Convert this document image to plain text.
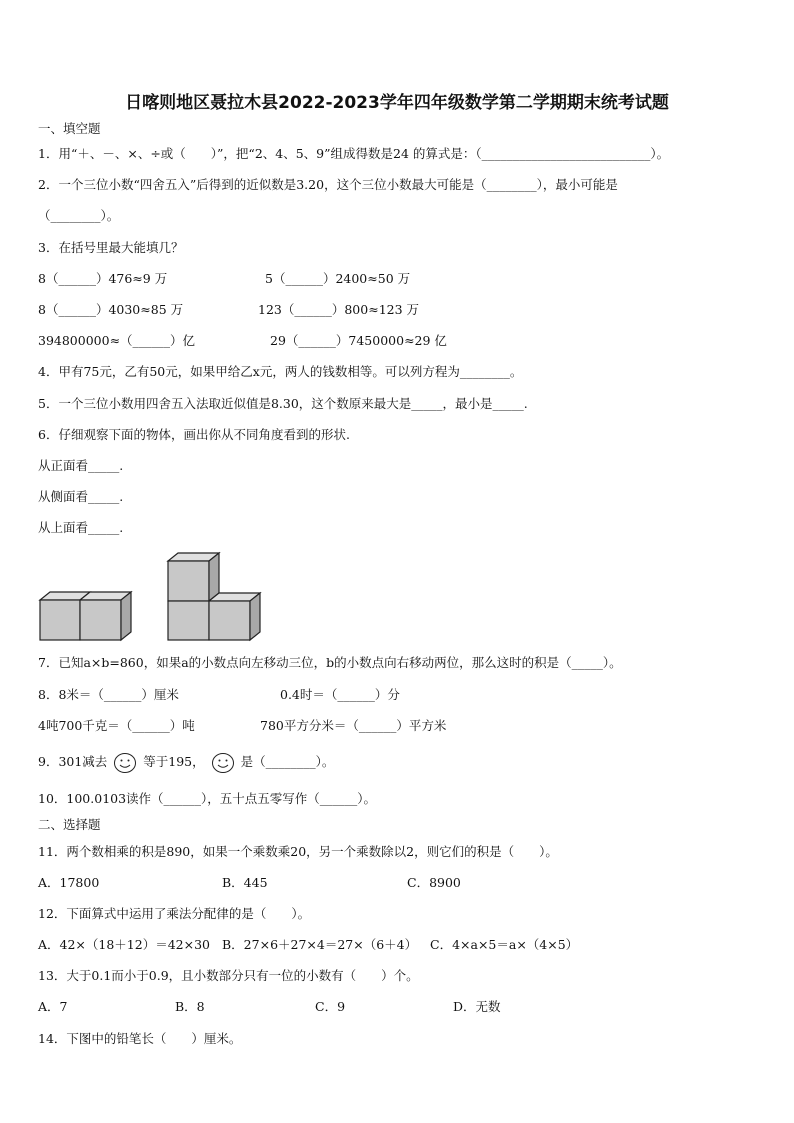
日喀则地区聂拉木县2022-2023学年四年级数学第二学期期末统考试题
一、填空题
1．用“＋、－、×、÷或（　　）”，把“2、4、5、9”组成得数是24 的算式是：（___________________________）。
2．一个三位小数“四舍五入”后得到的近似数是3.20，这个三位小数最大可能是（________），最小可能是
（________）。
3．在括号里最大能填几？
8（______）476≈9 万	5（______）2400≈50 万
8（______）4030≈85 万	123（______）800≈123 万
394800000≈（______）亿	29（______）7450000≈29 亿
4．甲有75元，乙有50元，如果甲给乙x元，两人的钱数相等。可以列方程为________。
5．一个三位小数用四舍五入法取近似值是8.30，这个数原来最大是_____，最小是_____.
6．仔细观察下面的物体，画出你从不同角度看到的形状.
从正面看_____.
从侧面看_____.
从上面看_____.
7．已知a×b=860，如果a的小数点向左移动三位，b的小数点向右移动两位，那么这时的积是（_____）。
8．8米＝（______）厘米	0.4时＝（______）分
4吨700千克＝（______）吨	780平方分米＝（______）平方米
9．301减去	等于195，	是（________）。
10．100.0103读作（______），五十点五零写作（______）。
二、选择题
11．两个数相乘的积是890，如果一个乘数乘20，另一个乘数除以2，则它们的积是（　　）。
A．17800	B．445	C．8900
12．下面算式中运用了乘法分配律的是（　　）。
A．42×（18＋12）＝42×30 B．27×6＋27×4＝27×（6＋4） C．4×a×5＝a×（4×5）
13．大于0.1而小于0.9，且小数部分只有一位的小数有（　　）个。
A．7	B．8	C．9	D．无数
14．下图中的铅笔长（　　）厘米。
